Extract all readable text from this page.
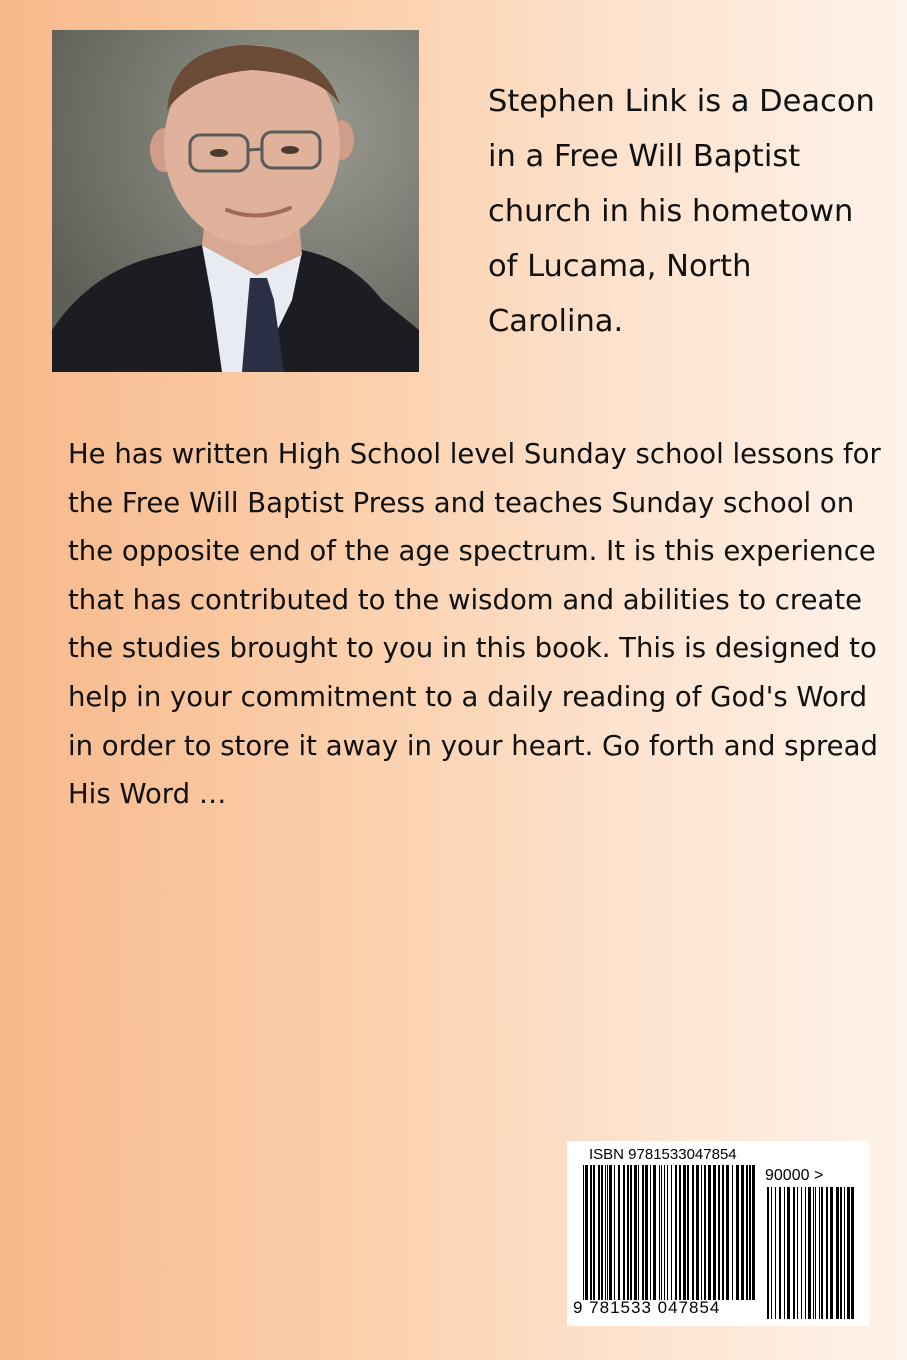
Stephen Link is a Deacon in a Free Will Baptist church in his hometown of Lucama, North Carolina.

He has written High School level Sunday school lessons for the Free Will Baptist Press and teaches Sunday school on the opposite end of the age spectrum. It is this experience that has contributed to the wisdom and abilities to create the studies brought to you in this book. This is designed to help in your commitment to a daily reading of God's Word in order to store it away in your heart. Go forth and spread His Word …

ISBN 9781533047854
90000 >
9 781533 047854
